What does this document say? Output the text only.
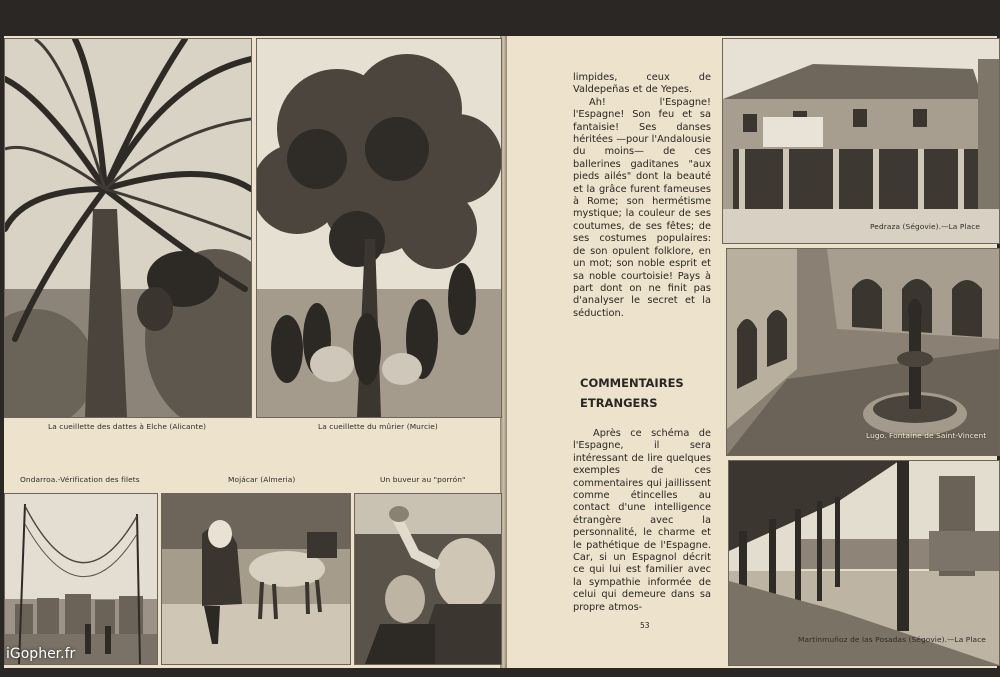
La cueillette des dattes à Elche (Alicante)	La cueillette du mûrier (Murcie)
Ondarroa.-Vérification des filets	Mojácar (Almeria)	Un buveur au "porrón"

limpides, ceux de Valdepeñas et de Yepes.

Ah! l'Espagne! l'Espagne! Son feu et sa fantaisie! Ses danses héritées —pour l'Andalousie du moins— de ces ballerines gaditanes "aux pieds ailés" dont la beauté et la grâce furent fameuses à Rome; son hermétisme mystique; la couleur de ses coutumes, de ses fêtes; de ses costumes populaires: de son opulent folklore, en un mot; son noble esprit et sa noble courtoisie! Pays à part dont on ne finit pas d'analyser le secret et la séduction.

COMMENTAIRES ETRANGERS
Après ce schéma de l'Espagne, il sera intéressant de lire quelques exemples de ces commentaires qui jaillissent comme étincelles au contact d'une intelligence étrangère avec la personnalité, le charme et le pathétique de l'Espagne. Car, si un Espagnol décrit ce qui lui est familier avec la sympathie informée de celui qui demeure dans sa propre atmos-
53
Pedraza (Ségovie).—La Place
Lugo. Fontaine de Saint-Vincent
Martinmuñoz de las Posadas (Ségovie).—La Place
iGopher.fr
